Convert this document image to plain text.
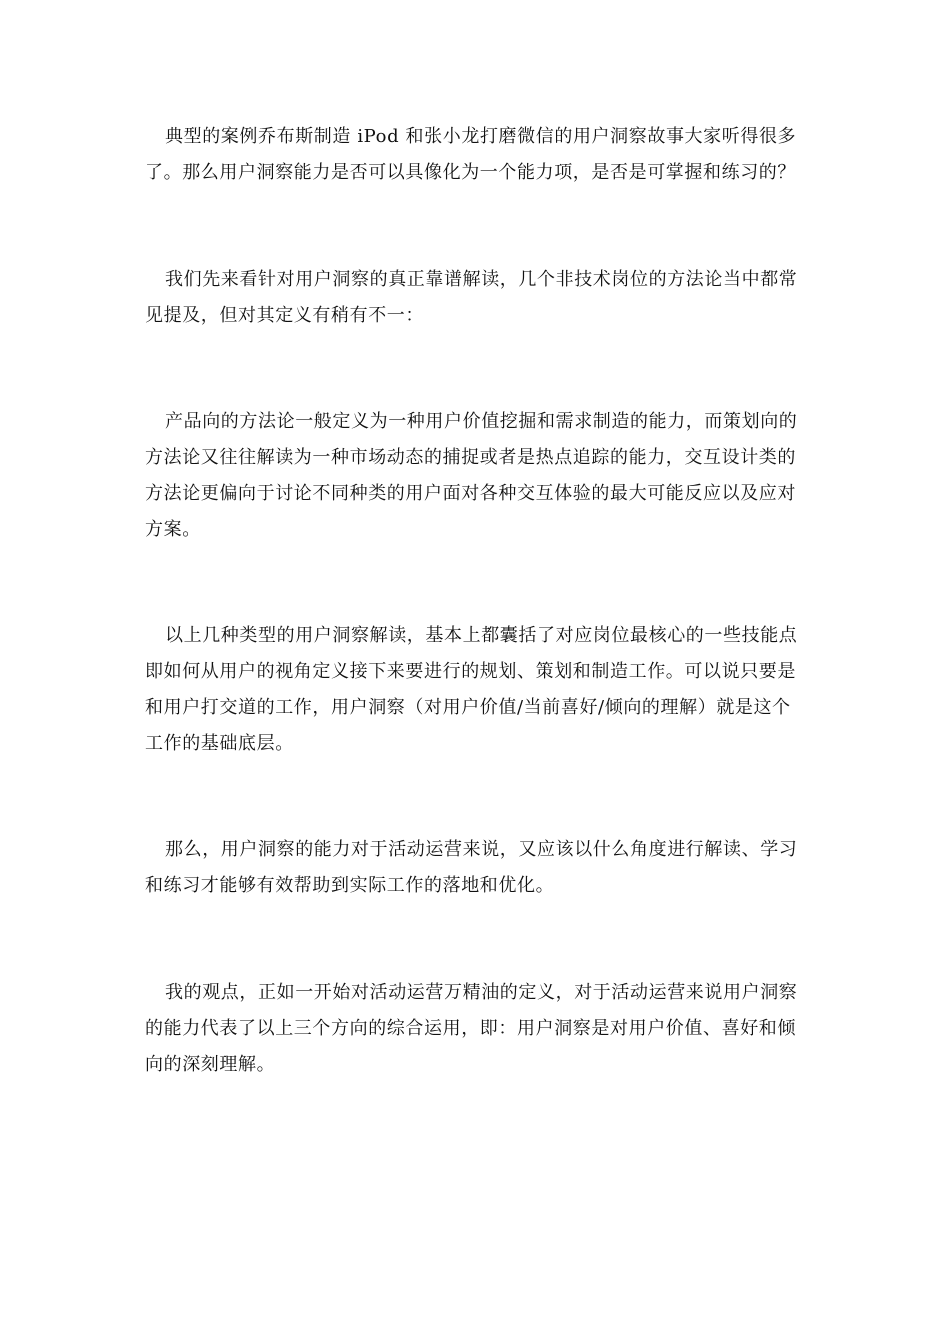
典型的案例乔布斯制造 iPod 和张小龙打磨微信的用户洞察故事大家听得很多了。那么用户洞察能力是否可以具像化为一个能力项，是否是可掌握和练习的？

我们先来看针对用户洞察的真正靠谱解读，几个非技术岗位的方法论当中都常见提及，但对其定义有稍有不一：

产品向的方法论一般定义为一种用户价值挖掘和需求制造的能力，而策划向的方法论又往往解读为一种市场动态的捕捉或者是热点追踪的能力，交互设计类的方法论更偏向于讨论不同种类的用户面对各种交互体验的最大可能反应以及应对方案。

以上几种类型的用户洞察解读，基本上都囊括了对应岗位最核心的一些技能点即如何从用户的视角定义接下来要进行的规划、策划和制造工作。可以说只要是和用户打交道的工作，用户洞察（对用户价值/当前喜好/倾向的理解）就是这个工作的基础底层。

那么，用户洞察的能力对于活动运营来说，又应该以什么角度进行解读、学习和练习才能够有效帮助到实际工作的落地和优化。

我的观点，正如一开始对活动运营万精油的定义，对于活动运营来说用户洞察的能力代表了以上三个方向的综合运用，即：用户洞察是对用户价值、喜好和倾向的深刻理解。
